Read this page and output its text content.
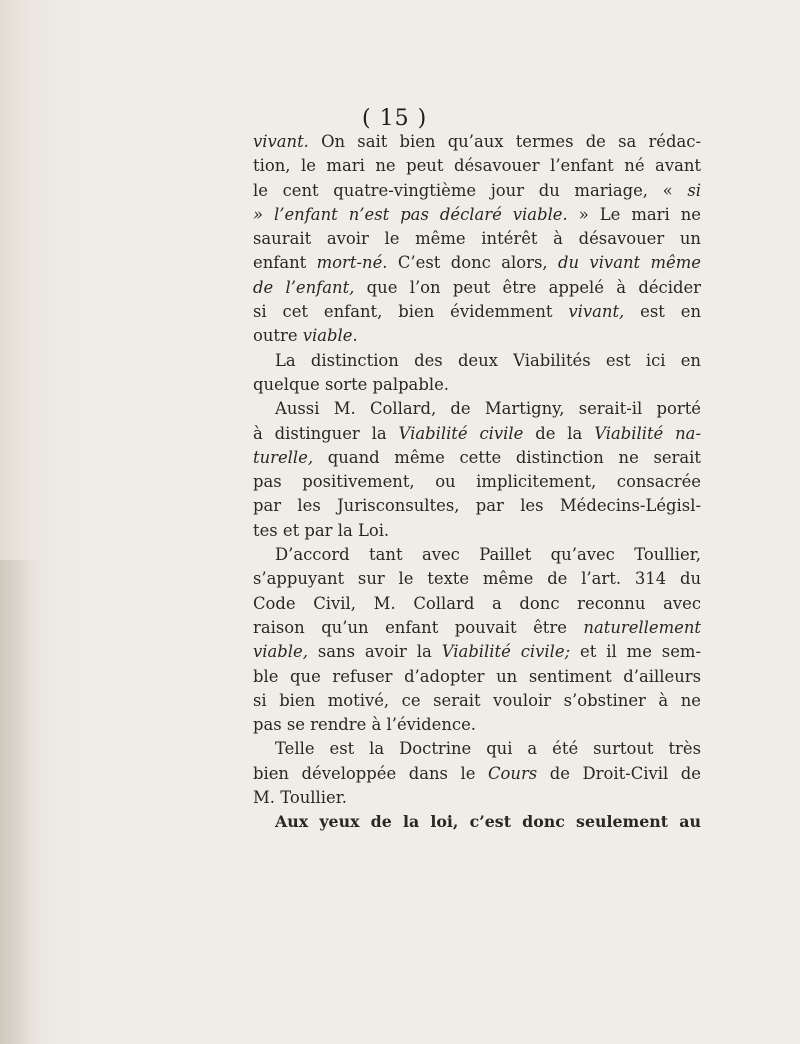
( 15 )
vivant. On sait bien qu’aux termes de sa rédac-
tion, le mari ne peut désavouer l’enfant né avant
le cent quatre-vingtième jour du mariage, « si
» l’enfant n’est pas déclaré viable. » Le mari ne
saurait avoir le même intérêt à désavouer un
enfant mort-né. C’est donc alors, du vivant même
de l’enfant, que l’on peut être appelé à décider
si cet enfant, bien évidemment vivant, est en
outre viable.
La distinction des deux Viabilités est ici en
quelque sorte palpable.
Aussi M. Collard, de Martigny, serait-il porté
à distinguer la Viabilité civile de la Viabilité na-
turelle, quand même cette distinction ne serait
pas positivement, ou implicitement, consacrée
par les Jurisconsultes, par les Médecins-Législ-
tes et par la Loi.
D’accord tant avec Paillet qu’avec Toullier,
s’appuyant sur le texte même de l’art. 314 du
Code Civil, M. Collard a donc reconnu avec
raison qu’un enfant pouvait être naturellement
viable, sans avoir la Viabilité civile; et il me sem-
ble que refuser d’adopter un sentiment d’ailleurs
si bien motivé, ce serait vouloir s’obstiner à ne
pas se rendre à l’évidence.
Telle est la Doctrine qui a été surtout très
bien développée dans le Cours de Droit-Civil de
M. Toullier.
Aux yeux de la loi, c’est donc seulement au
